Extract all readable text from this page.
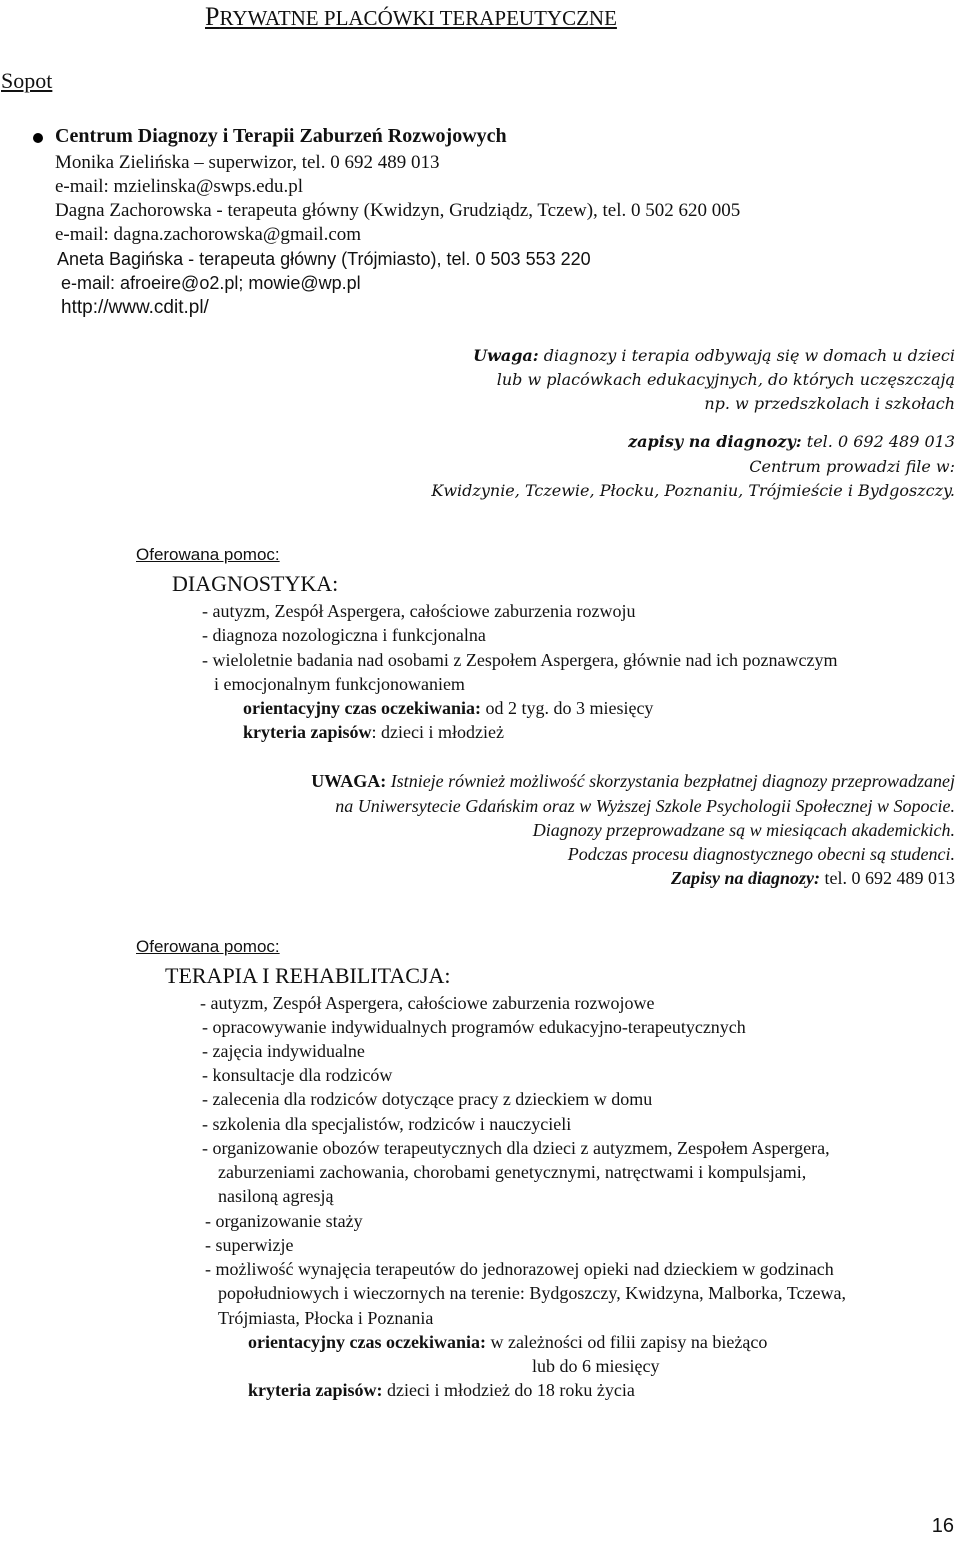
PRYWATNE PLACÓWKI TERAPEUTYCZNE
Sopot
Centrum Diagnozy i Terapii Zaburzeń Rozwojowych
Monika Zielińska – superwizor, tel. 0 692 489 013
e-mail: mzielinska@swps.edu.pl
Dagna Zachorowska - terapeuta główny (Kwidzyn, Grudziądz, Tczew), tel. 0 502 620 005
e-mail: dagna.zachorowska@gmail.com
Aneta Bagińska - terapeuta główny (Trójmiasto), tel. 0 503 553 220
e-mail: afroeire@o2.pl; mowie@wp.pl
http://www.cdit.pl/
Uwaga: diagnozy i terapia odbywają się w domach u dzieci
lub w placówkach edukacyjnych, do których uczęszczają
np. w przedszkolach i szkołach
zapisy na diagnozy: tel. 0 692 489 013
Centrum prowadzi file w:
Kwidzynie, Tczewie, Płocku, Poznaniu, Trójmieście i Bydgoszczy.
Oferowana pomoc:
DIAGNOSTYKA:
- autyzm, Zespół Aspergera, całościowe zaburzenia rozwoju
- diagnoza nozologiczna i funkcjonalna
- wieloletnie badania nad osobami z Zespołem Aspergera, głównie nad ich poznawczym
i emocjonalnym funkcjonowaniem
orientacyjny czas oczekiwania: od 2 tyg. do 3 miesięcy
kryteria zapisów: dzieci i młodzież
UWAGA: Istnieje również możliwość skorzystania bezpłatnej diagnozy przeprowadzanej
na Uniwersytecie Gdańskim oraz w Wyższej Szkole Psychologii Społecznej w Sopocie.
Diagnozy przeprowadzane są w miesiącach akademickich.
Podczas procesu diagnostycznego obecni są studenci.
Zapisy na diagnozy: tel. 0 692 489 013
Oferowana pomoc:
TERAPIA I REHABILITACJA:
- autyzm, Zespół Aspergera, całościowe zaburzenia rozwojowe
- opracowywanie indywidualnych programów edukacyjno-terapeutycznych
- zajęcia indywidualne
- konsultacje dla rodziców
- zalecenia dla rodziców dotyczące pracy z dzieckiem w domu
- szkolenia dla specjalistów, rodziców i nauczycieli
- organizowanie obozów terapeutycznych dla dzieci z autyzmem, Zespołem Aspergera,
zaburzeniami zachowania, chorobami genetycznymi, natręctwami i kompulsjami,
nasiloną agresją
- organizowanie staży
- superwizje
- możliwość wynajęcia terapeutów do jednorazowej opieki nad dzieckiem w godzinach
popołudniowych i wieczornych na terenie: Bydgoszczy, Kwidzyna, Malborka, Tczewa,
Trójmiasta, Płocka i Poznania
orientacyjny czas oczekiwania: w zależności od filii zapisy na bieżąco
lub do 6 miesięcy
kryteria zapisów: dzieci i młodzież do 18 roku życia
16
